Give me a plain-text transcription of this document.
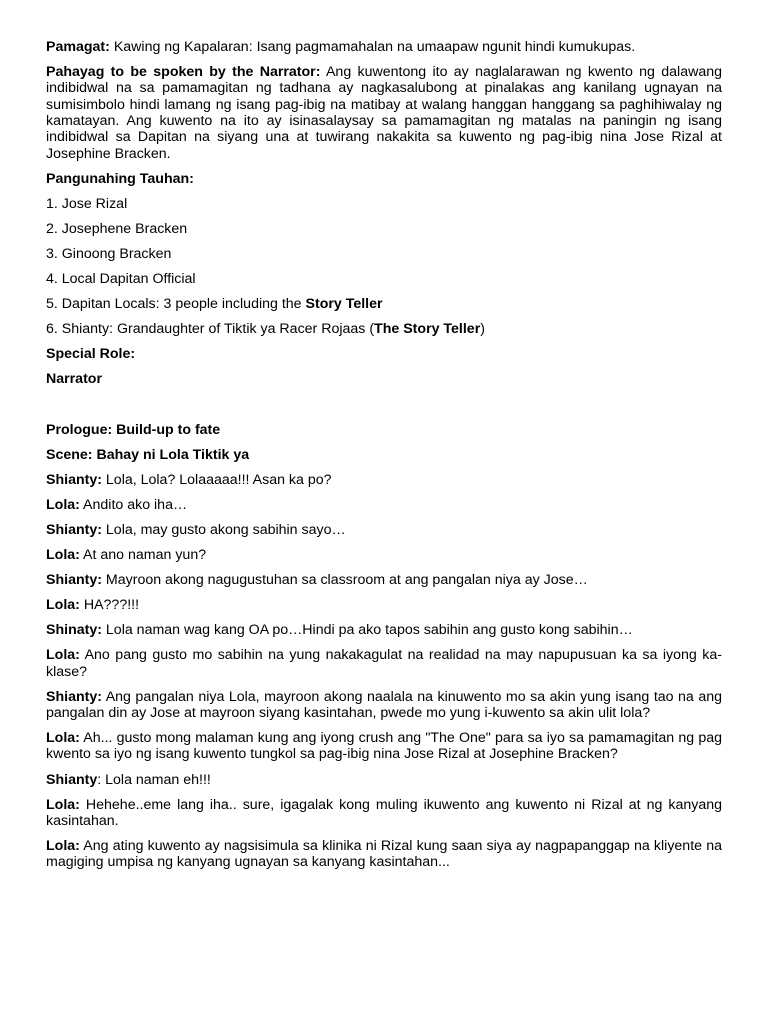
Pamagat: Kawing ng Kapalaran: Isang pagmamahalan na umaapaw ngunit hindi kumukupas.

Pahayag to be spoken by the Narrator: Ang kuwentong ito ay naglalarawan ng kwento ng dalawang indibidwal na sa pamamagitan ng tadhana ay nagkasalubong at pinalakas ang kanilang ugnayan na sumisimbolo hindi lamang ng isang pag-ibig na matibay at walang hanggan hanggang sa paghihiwalay ng kamatayan. Ang kuwento na ito ay isinasalaysay sa pamamagitan ng matalas na paningin ng isang indibidwal sa Dapitan na siyang una at tuwirang nakakita sa kuwento ng pag-ibig nina Jose Rizal at Josephine Bracken.

Pangunahing Tauhan:

1. Jose Rizal

2. Josephene Bracken

3. Ginoong Bracken

4. Local Dapitan Official

5. Dapitan Locals: 3 people including the Story Teller

6. Shianty: Grandaughter of Tiktik ya Racer Rojaas (The Story Teller)

Special Role:

Narrator

Prologue: Build-up to fate

Scene: Bahay ni Lola Tiktik ya

Shianty: Lola, Lola? Lolaaaaa!!! Asan ka po?

Lola: Andito ako iha…

Shianty: Lola, may gusto akong sabihin sayo…

Lola: At ano naman yun?

Shianty: Mayroon akong nagugustuhan sa classroom at ang pangalan niya ay Jose…

Lola: HA???!!!

Shinaty: Lola naman wag kang OA po…Hindi pa ako tapos sabihin ang gusto kong sabihin…

Lola: Ano pang gusto mo sabihin na yung nakakagulat na realidad na may napupusuan ka sa iyong ka-klase?

Shianty: Ang pangalan niya Lola, mayroon akong naalala na kinuwento mo sa akin yung isang tao na ang pangalan din ay Jose at mayroon siyang kasintahan, pwede mo yung i-kuwento sa akin ulit lola?

Lola: Ah... gusto mong malaman kung ang iyong crush ang "The One" para sa iyo sa pamamagitan ng pag kwento sa iyo ng isang kuwento tungkol sa pag-ibig nina Jose Rizal at Josephine Bracken?

Shianty: Lola naman eh!!!

Lola: Hehehe..eme lang iha.. sure, igagalak kong muling ikuwento ang kuwento ni Rizal at ng kanyang kasintahan.

Lola: Ang ating kuwento ay nagsisimula sa klinika ni Rizal kung saan siya ay nagpapanggap na kliyente na magiging umpisa ng kanyang ugnayan sa kanyang kasintahan...
